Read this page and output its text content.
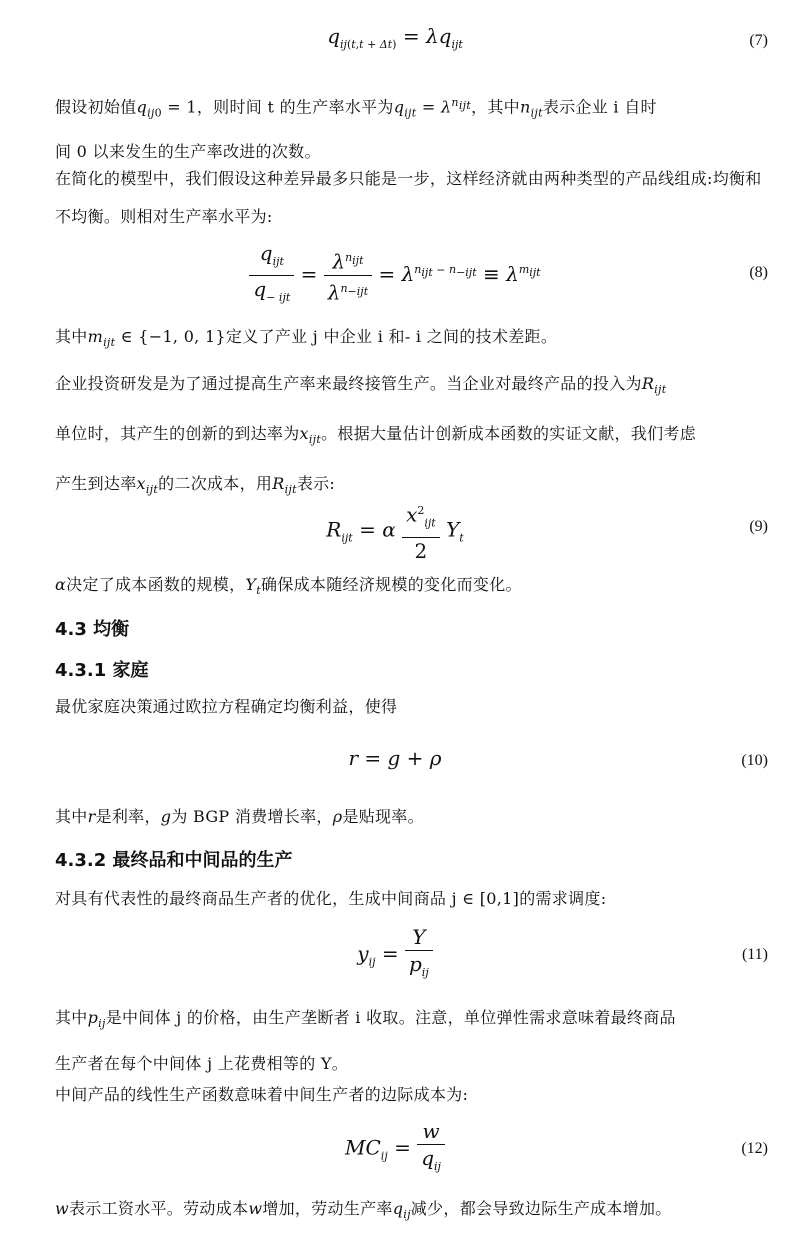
$q_{ij(t,t + \Delta t)} = \lambda q_{ijt}$	(7)
假设初始值$q_{ij0} = 1$，则时间 t 的生产率水平为$q_{ijt} = \lambda^{n_{ijt}}$，其中$n_{ijt}$表示企业 i 自时
间 0 以来发生的生产率改进的次数。
在简化的模型中，我们假设这种差异最多只能是一步，这样经济就由两种类型的产品线组成:均衡和不均衡。则相对生产率水平为:
$\frac{q_{ijt}}{q_{- ijt}} = \frac{\lambda^{n_{ijt}}}{\lambda^{n_{-ijt}}} = \lambda^{n_{ijt} - n_{-ijt}} \equiv \lambda^{m_{ijt}}$	(8)
其中$m_{ijt}$ ∈ {−1, 0, 1}定义了产业 j 中企业 i 和- i 之间的技术差距。
企业投资研发是为了通过提高生产率来最终接管生产。当企业对最终产品的投入为$R_{ijt}$
单位时，其产生的创新的到达率为$x_{ijt}$。根据大量估计创新成本函数的实证文献，我们考虑
产生到达率$x_{ijt}$的二次成本，用$R_{ijt}$表示:
$R_{ijt} = \alpha \frac{x^2_{ijt}}{2} Y_t$
(9)
α决定了成本函数的规模，$Y_t$确保成本随经济规模的变化而变化。
4.3 均衡
4.3.1 家庭
最优家庭决策通过欧拉方程确定均衡利益，使得
r = g + ρ	(10)
其中r是利率，g为 BGP 消费增长率，ρ是贴现率。
4.3.2 最终品和中间品的生产
对具有代表性的最终商品生产者的优化，生成中间商品 j ∈ [0,1]的需求调度:
$y_{ij} = \frac{Y}{p_{ij}}$	(11)
其中$p_{ij}$是中间体 j 的价格，由生产垄断者 i 收取。注意，单位弹性需求意味着最终商品
生产者在每个中间体 j 上花费相等的 Y。
中间产品的线性生产函数意味着中间生产者的边际成本为:
$MC_{ij} = \frac{w}{q_{ij}}$	(12)
w表示工资水平。劳动成本w增加，劳动生产率$q_{ij}$减少，都会导致边际生产成本增加。
